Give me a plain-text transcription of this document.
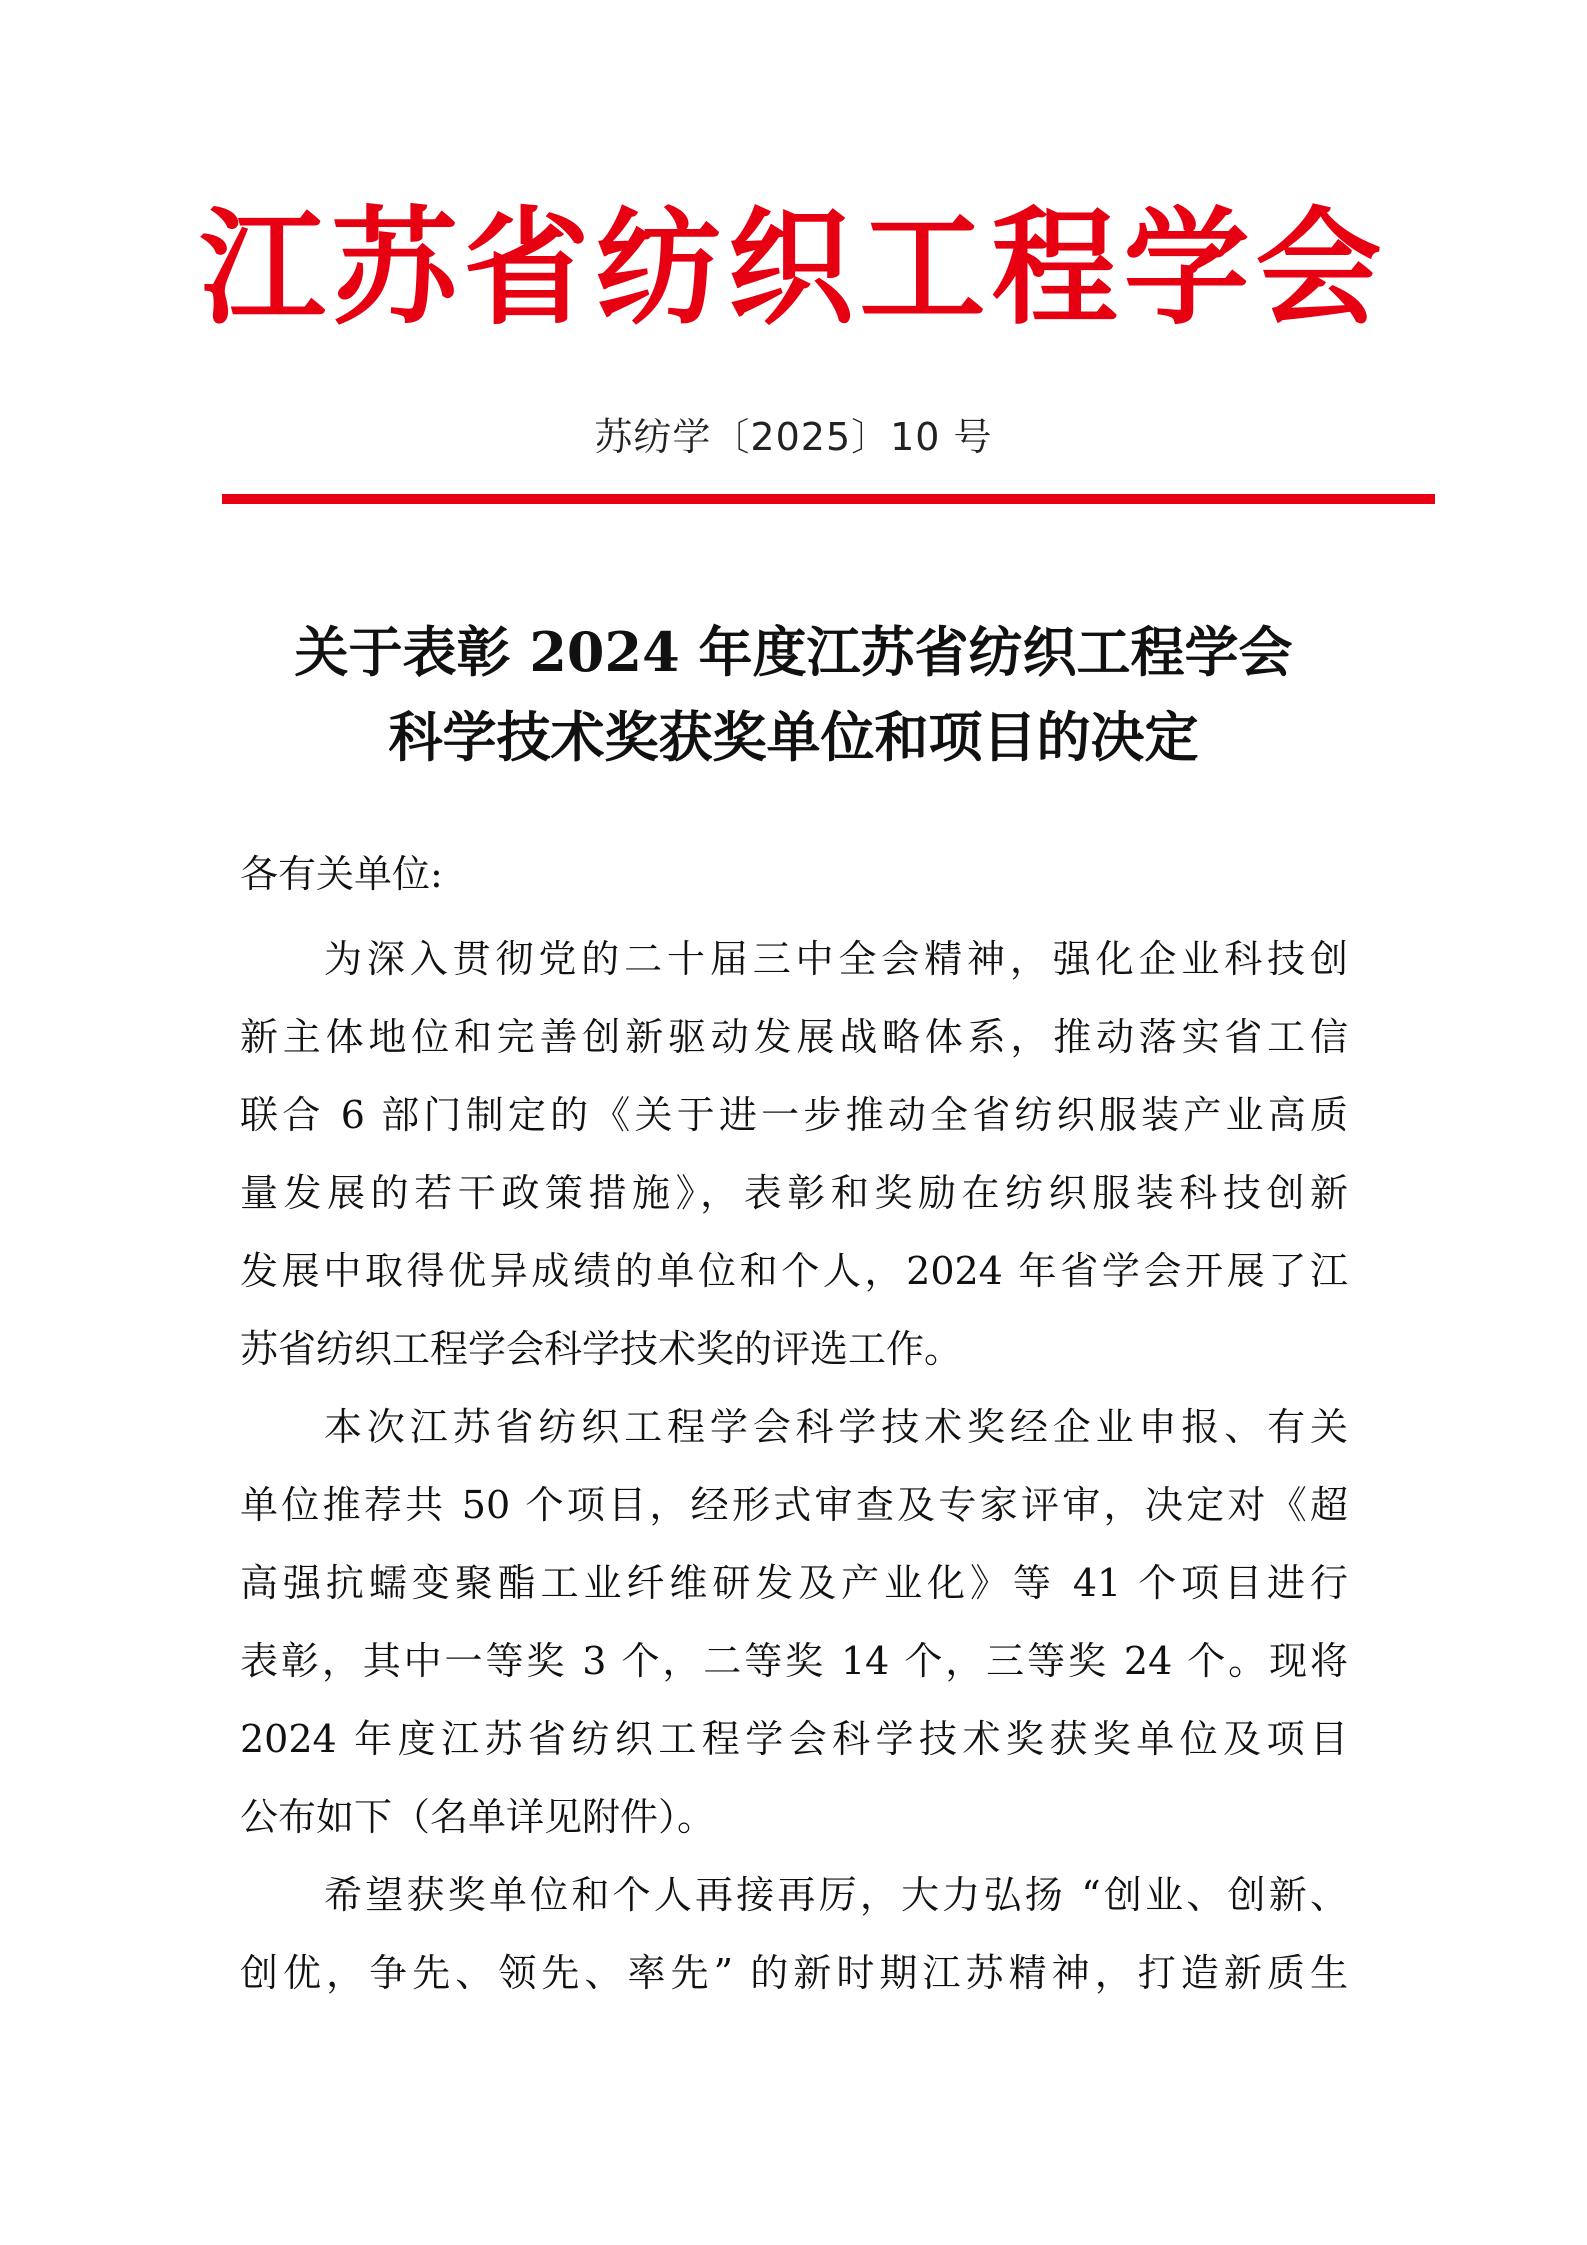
江苏省纺织工程学会
苏纺学〔2025〕10 号
关于表彰 2024 年度江苏省纺织工程学会
科学技术奖获奖单位和项目的决定
各有关单位:
为深入贯彻党的二十届三中全会精神，强化企业科技创
新主体地位和完善创新驱动发展战略体系，推动落实省工信
联合 6 部门制定的《关于进一步推动全省纺织服装产业高质
量发展的若干政策措施》，表彰和奖励在纺织服装科技创新
发展中取得优异成绩的单位和个人，2024 年省学会开展了江
苏省纺织工程学会科学技术奖的评选工作。
本次江苏省纺织工程学会科学技术奖经企业申报、有关
单位推荐共 50 个项目，经形式审查及专家评审，决定对《超
高强抗蠕变聚酯工业纤维研发及产业化》等 41 个项目进行
表彰，其中一等奖 3 个，二等奖 14 个，三等奖 24 个。现将
2024 年度江苏省纺织工程学会科学技术奖获奖单位及项目
公布如下（名单详见附件）。
希望获奖单位和个人再接再厉，大力弘扬 “创业、创新、
创优，争先、领先、率先” 的新时期江苏精神，打造新质生
